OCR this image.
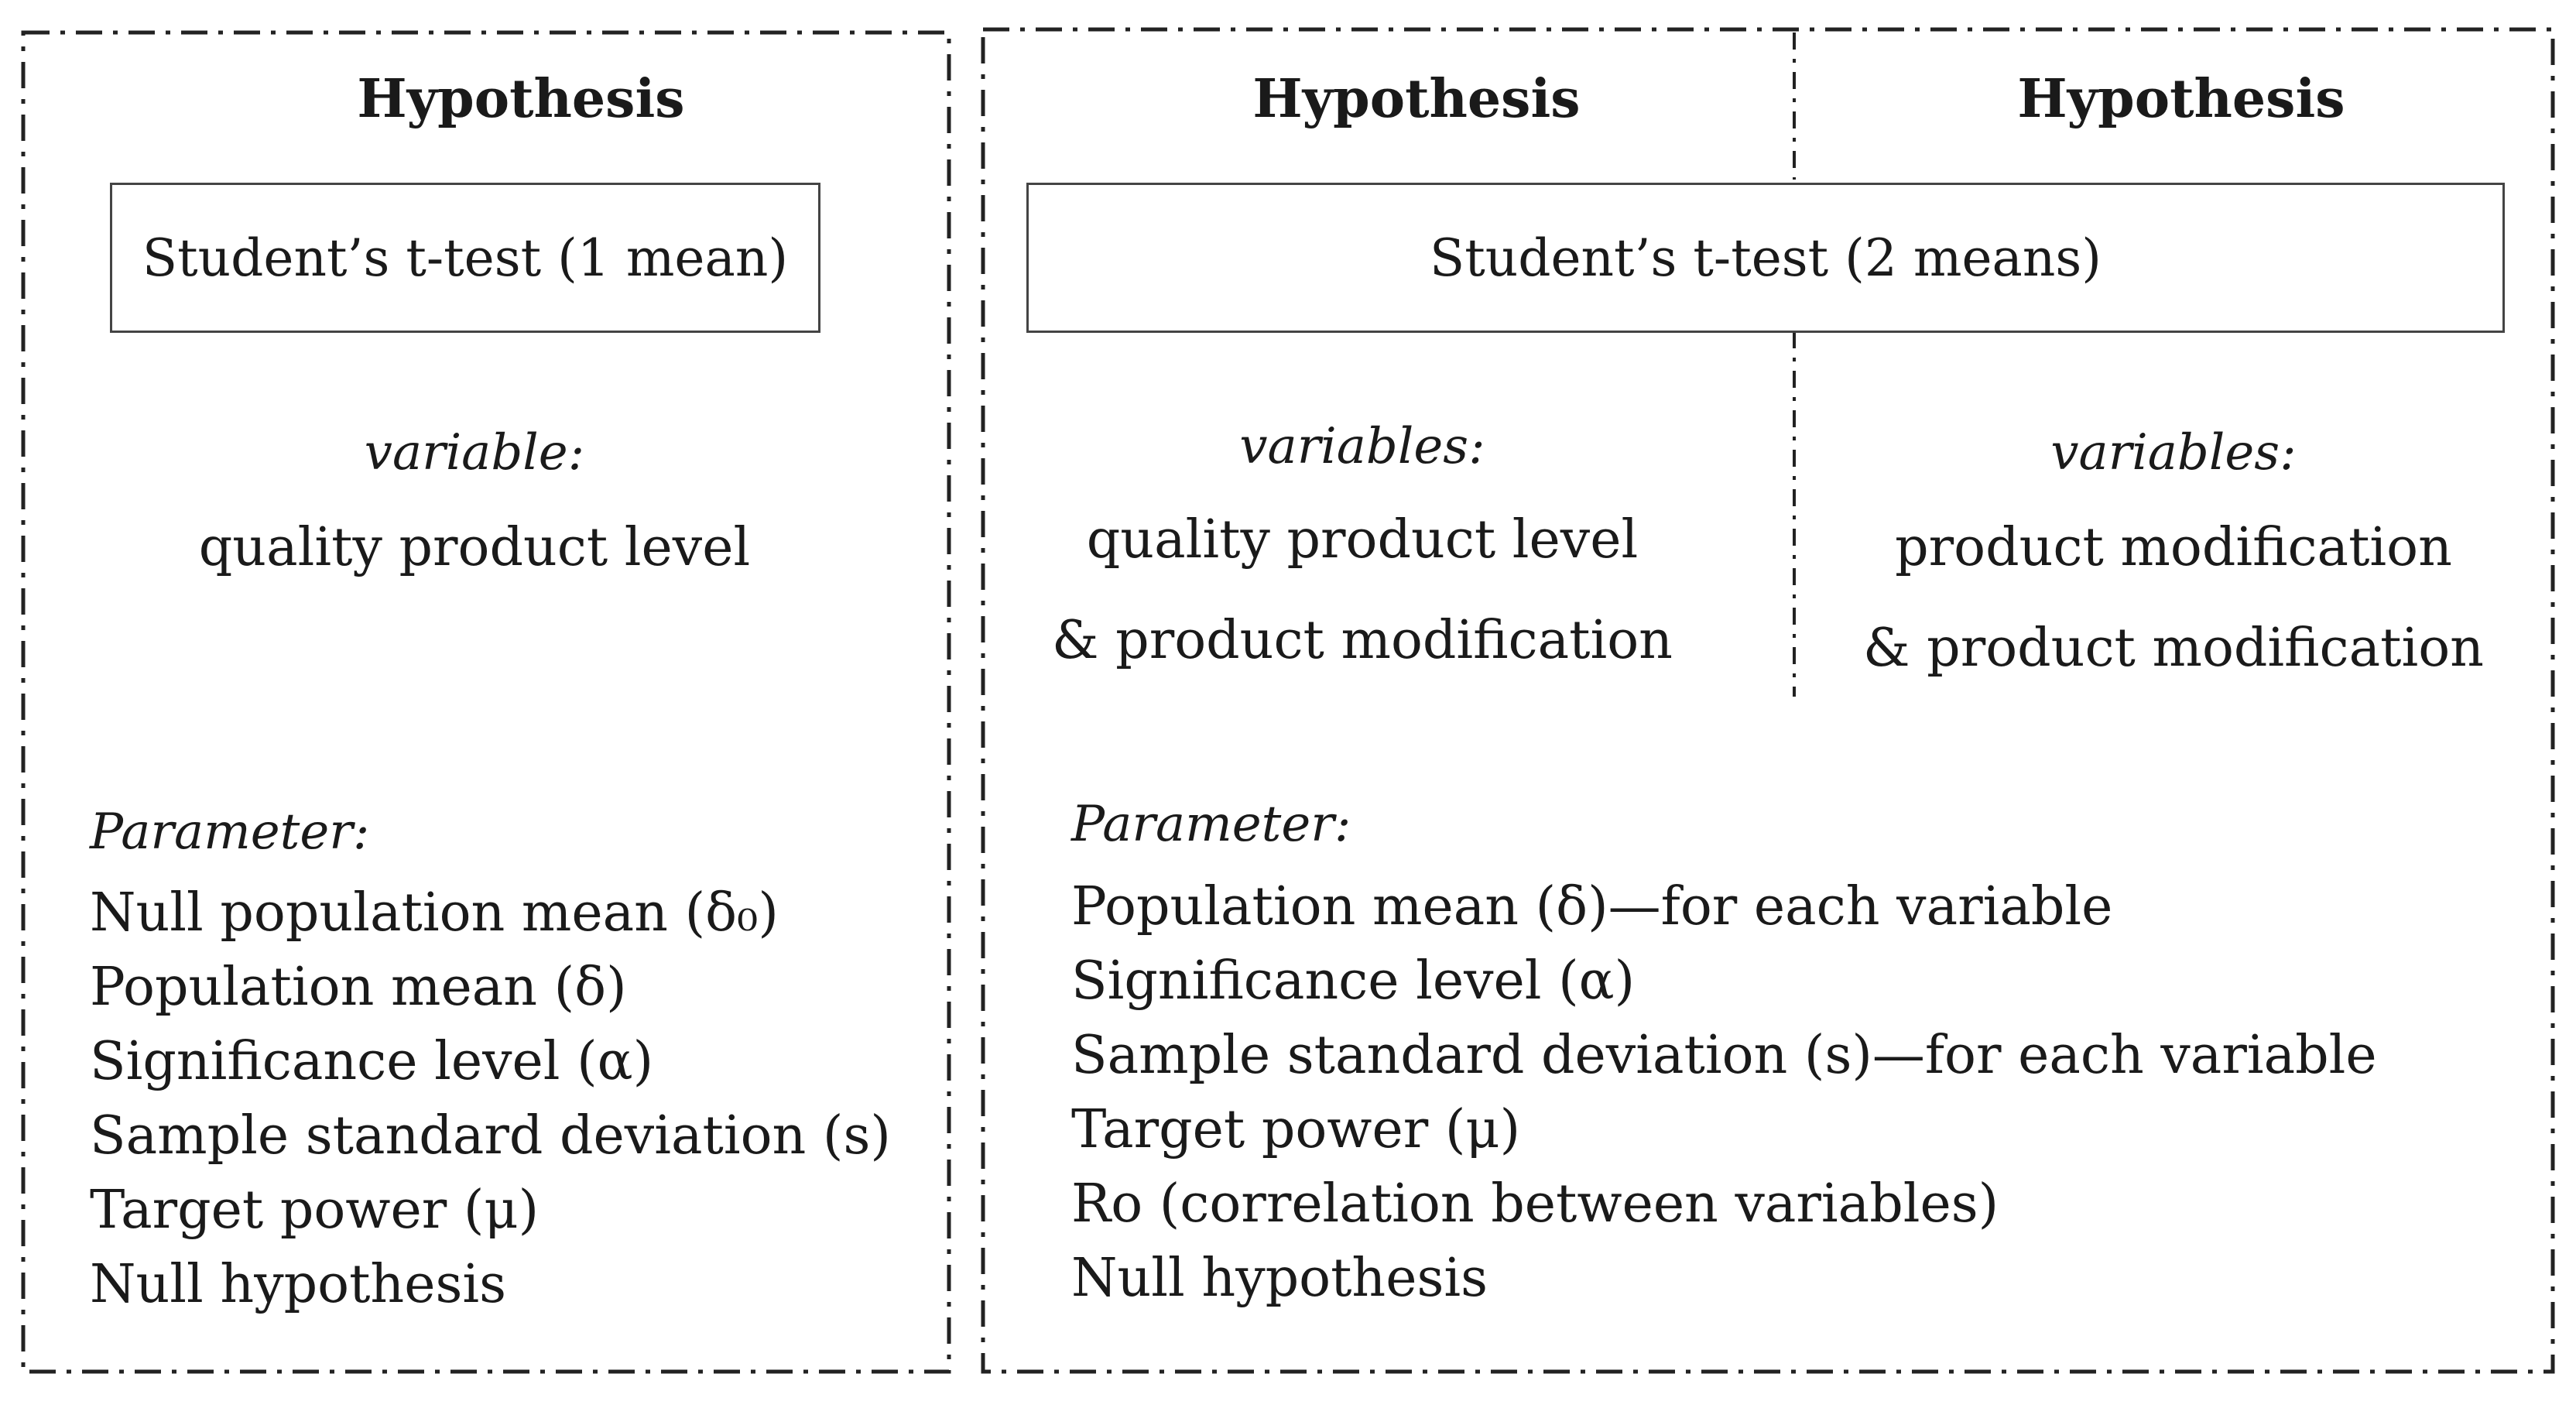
Hypothesis
Student’s t-test (1 mean)
variable:
quality product level
Parameter:
Null population mean (δ₀)
Population mean (δ)
Significance level (α)
Sample standard deviation (s)
Target power (μ)
Null hypothesis
Hypothesis	Hypothesis
Student’s t-test (2 means)
variables:
quality product level
& product modification
variables:
product modification
& product modification
Parameter:
Population mean (δ)—for each variable
Significance level (α)
Sample standard deviation (s)—for each variable
Target power (μ)
Ro (correlation between variables)
Null hypothesis
